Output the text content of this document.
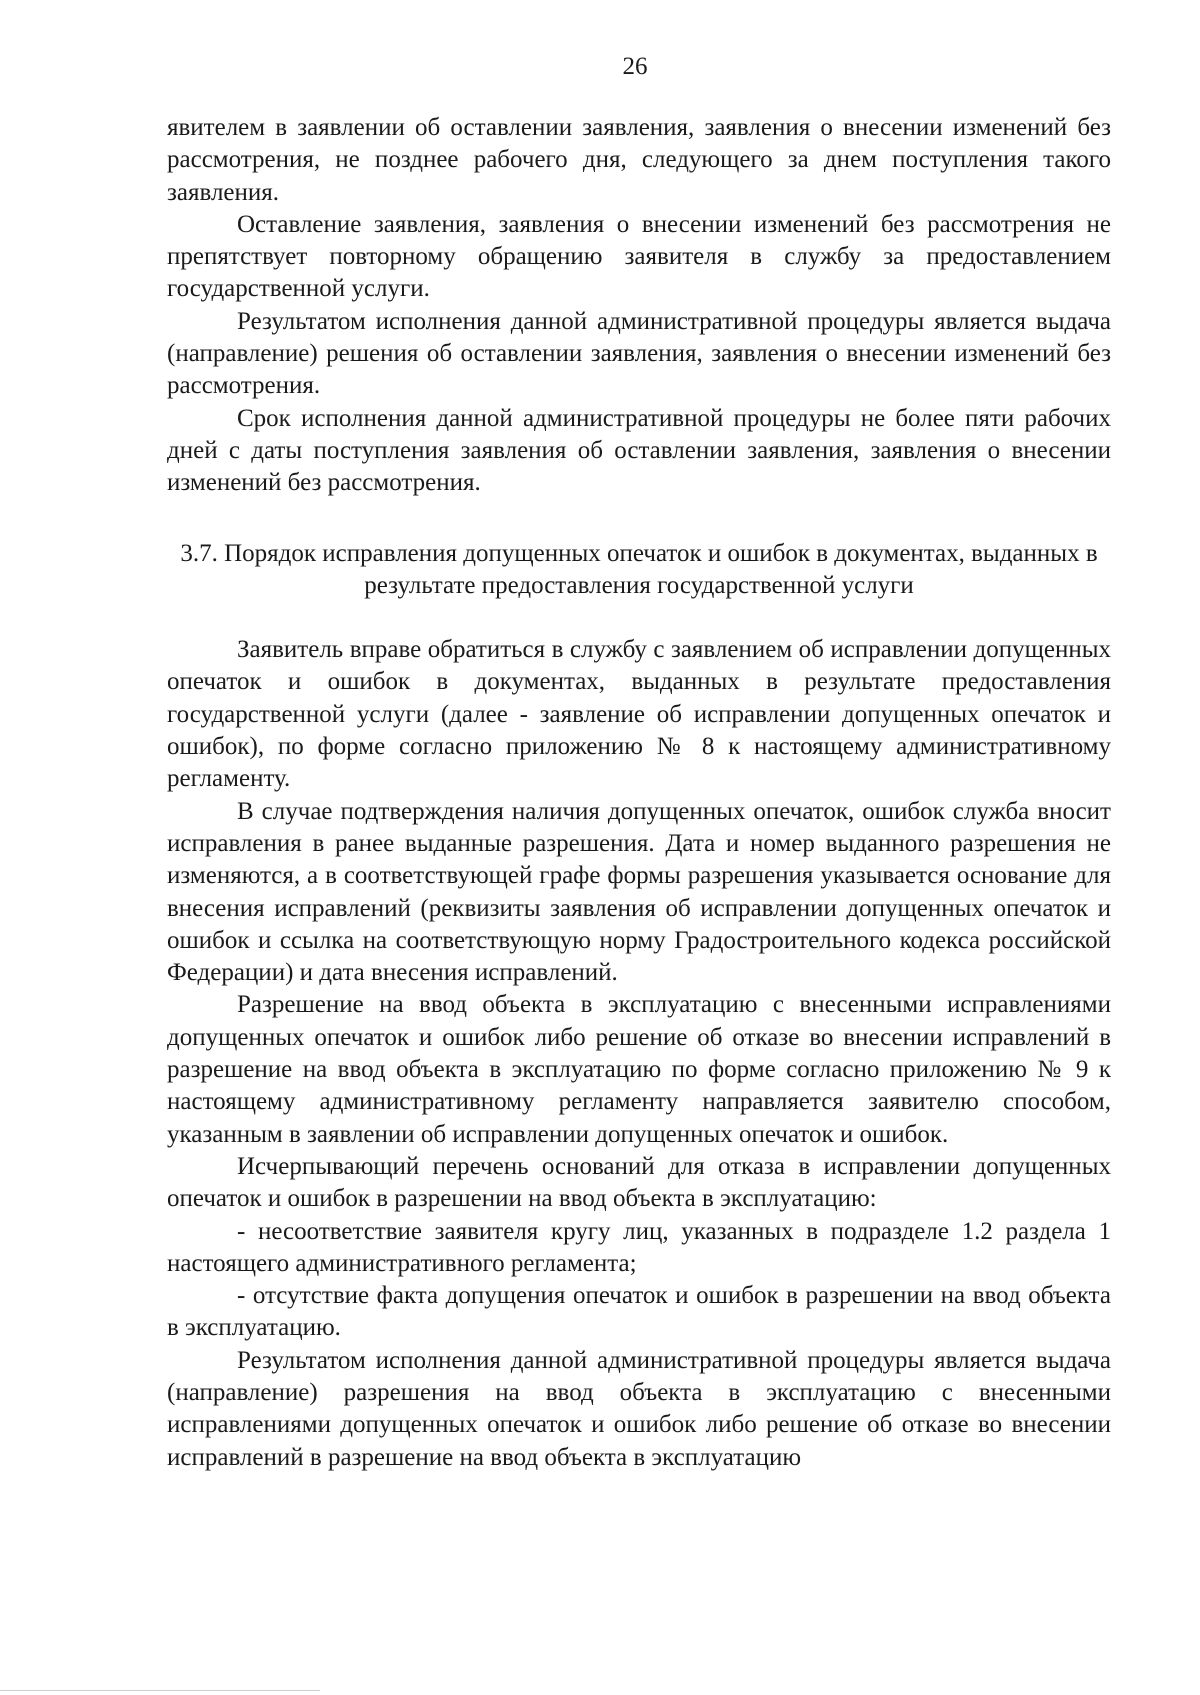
26

явителем в заявлении об оставлении заявления, заявления о внесении изменений без рассмотрения, не позднее рабочего дня, следующего за днем поступления такого заявления.

Оставление заявления, заявления о внесении изменений без рассмотрения не препятствует повторному обращению заявителя в службу за предоставлением государственной услуги.

Результатом исполнения данной административной процедуры является выдача (направление) решения об оставлении заявления, заявления о внесении изменений без рассмотрения.

Срок исполнения данной административной процедуры не более пяти рабочих дней с даты поступления заявления об оставлении заявления, заявления о внесении изменений без рассмотрения.

3.7. Порядок исправления допущенных опечаток и ошибок в документах, выданных в результате предоставления государственной услуги

Заявитель вправе обратиться в службу с заявлением об исправлении допущенных опечаток и ошибок в документах, выданных в результате предоставления государственной услуги (далее - заявление об исправлении допущенных опечаток и ошибок), по форме согласно приложению № 8 к настоящему административному регламенту.

В случае подтверждения наличия допущенных опечаток, ошибок служба вносит исправления в ранее выданные разрешения. Дата и номер выданного разрешения не изменяются, а в соответствующей графе формы разрешения указывается основание для внесения исправлений (реквизиты заявления об исправлении допущенных опечаток и ошибок и ссылка на соответствующую норму Градостроительного кодекса российской Федерации) и дата внесения исправлений.

Разрешение на ввод объекта в эксплуатацию с внесенными исправлениями допущенных опечаток и ошибок либо решение об отказе во внесении исправлений в разрешение на ввод объекта в эксплуатацию по форме согласно приложению № 9 к настоящему административному регламенту направляется заявителю способом, указанным в заявлении об исправлении допущенных опечаток и ошибок.

Исчерпывающий перечень оснований для отказа в исправлении допущенных опечаток и ошибок в разрешении на ввод объекта в эксплуатацию:

- несоответствие заявителя кругу лиц, указанных в подразделе 1.2 раздела 1 настоящего административного регламента;

- отсутствие факта допущения опечаток и ошибок в разрешении на ввод объекта в эксплуатацию.

Результатом исполнения данной административной процедуры является выдача (направление) разрешения на ввод объекта в эксплуатацию с внесенными исправлениями допущенных опечаток и ошибок либо решение об отказе во внесении исправлений в разрешение на ввод объекта в эксплуатацию
